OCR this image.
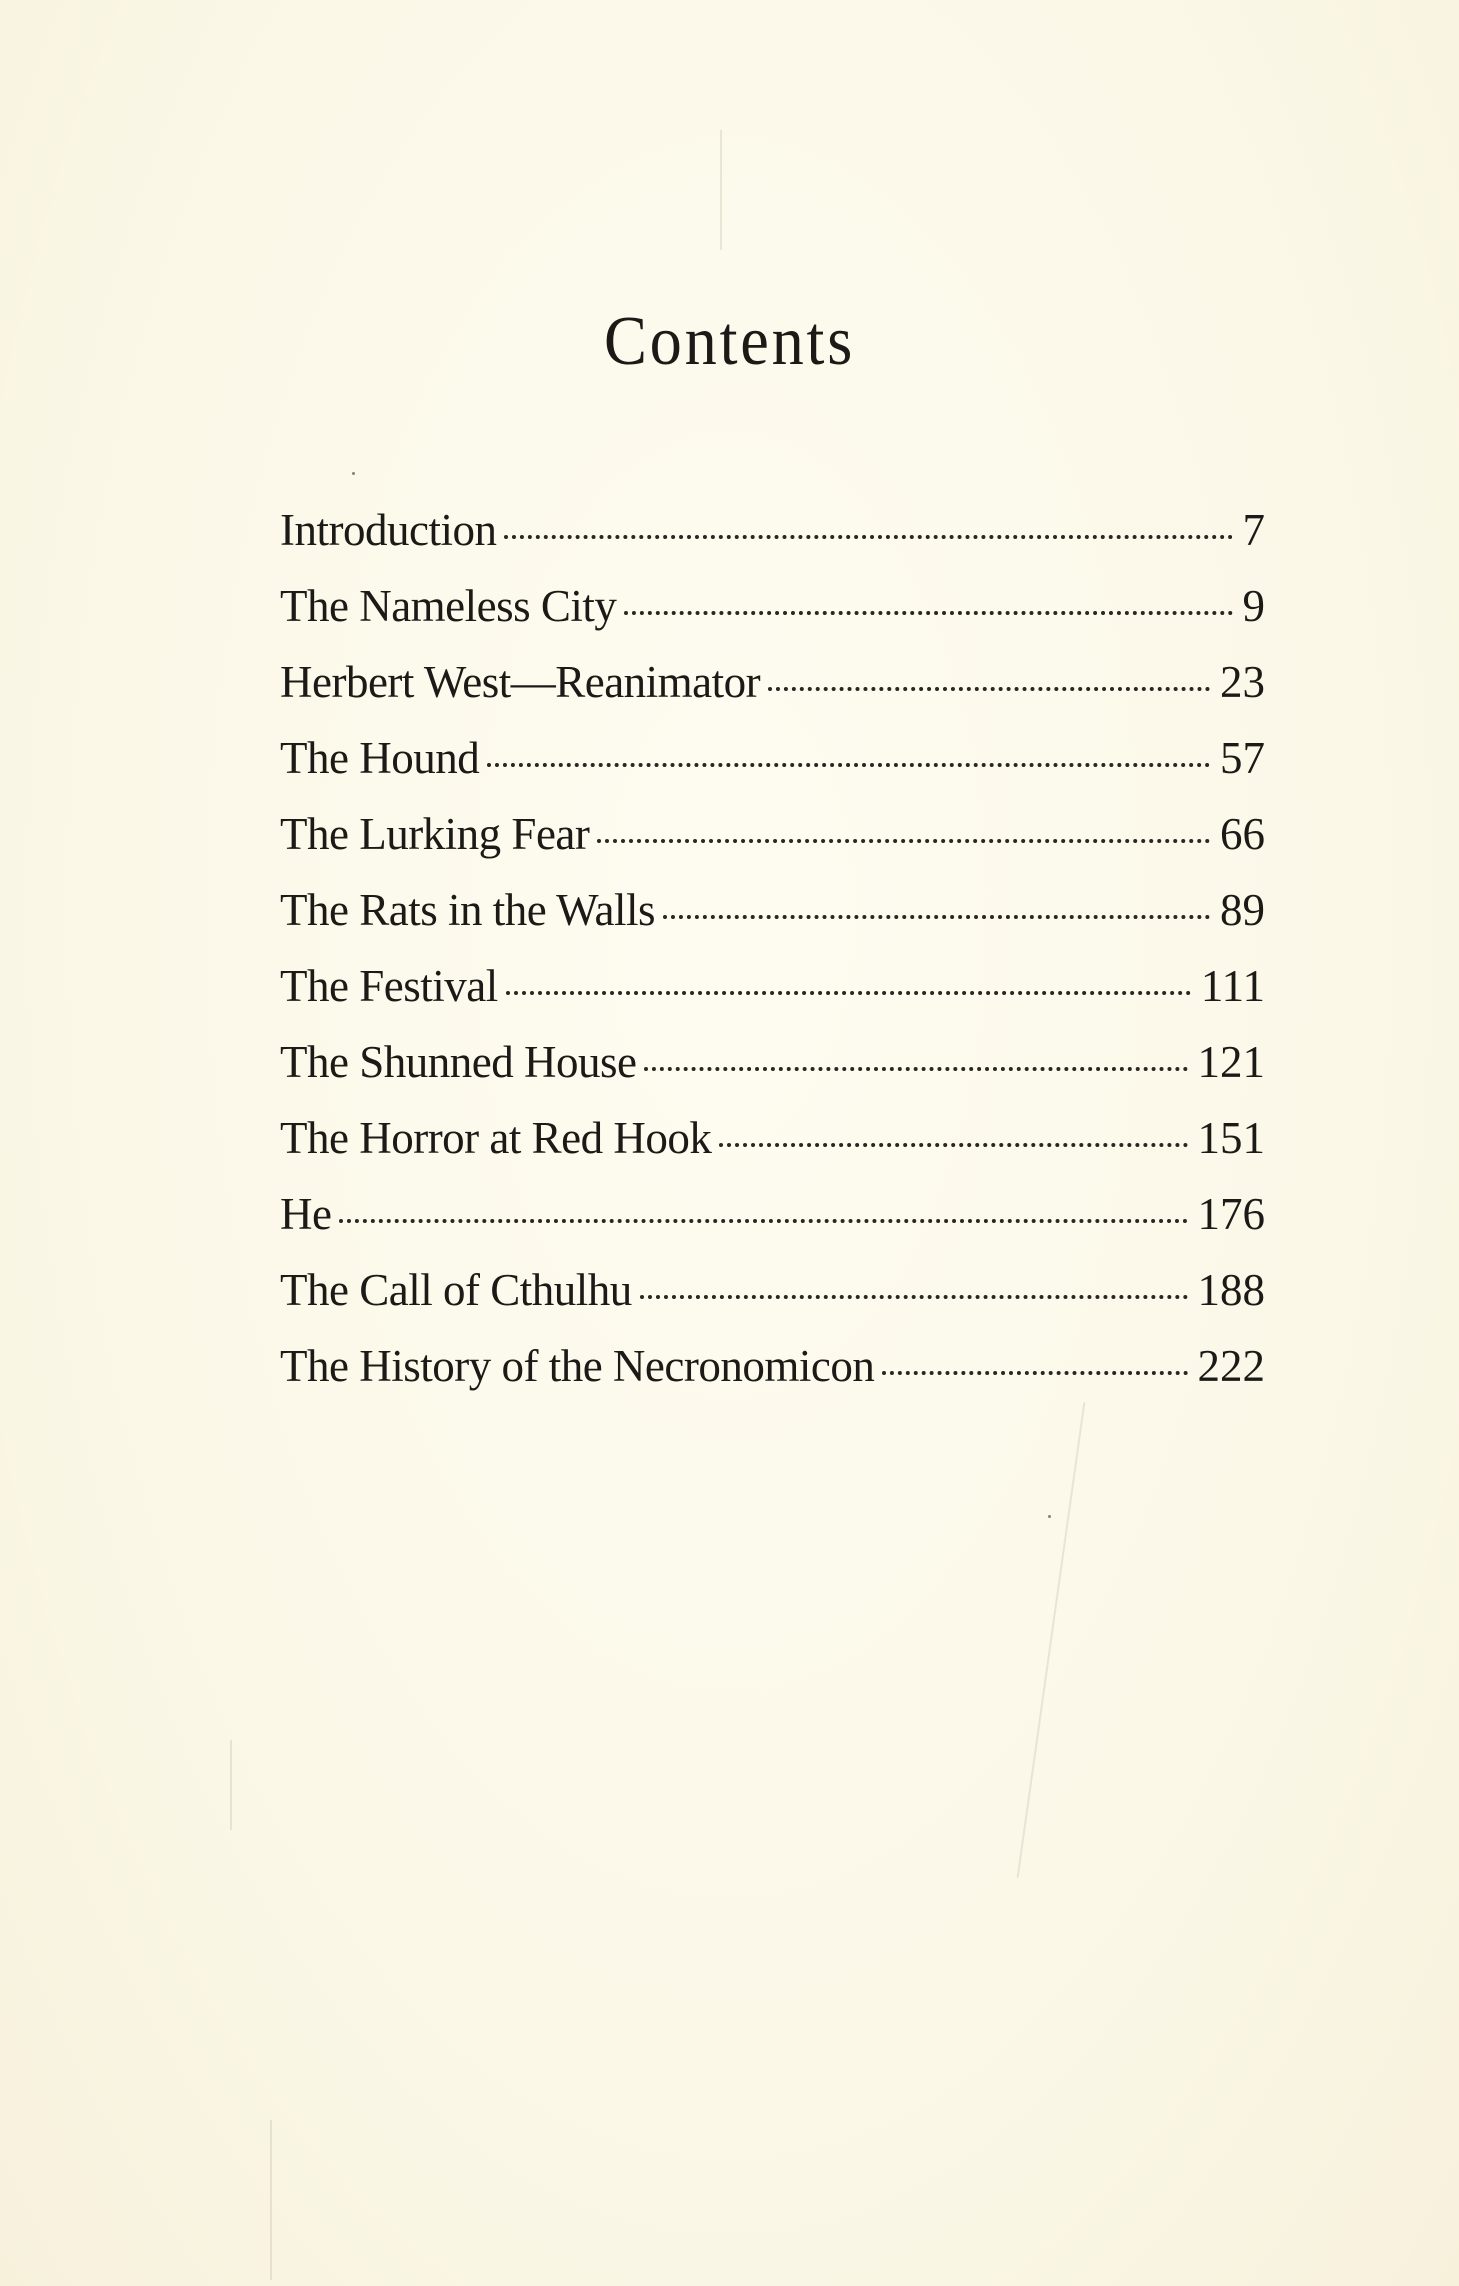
Contents
Introduction	7
The Nameless City	9
Herbert West—Reanimator	23
The Hound	57
The Lurking Fear	66
The Rats in the Walls	89
The Festival	111
The Shunned House	121
The Horror at Red Hook	151
He	176
The Call of Cthulhu	188
The History of the Necronomicon	222
